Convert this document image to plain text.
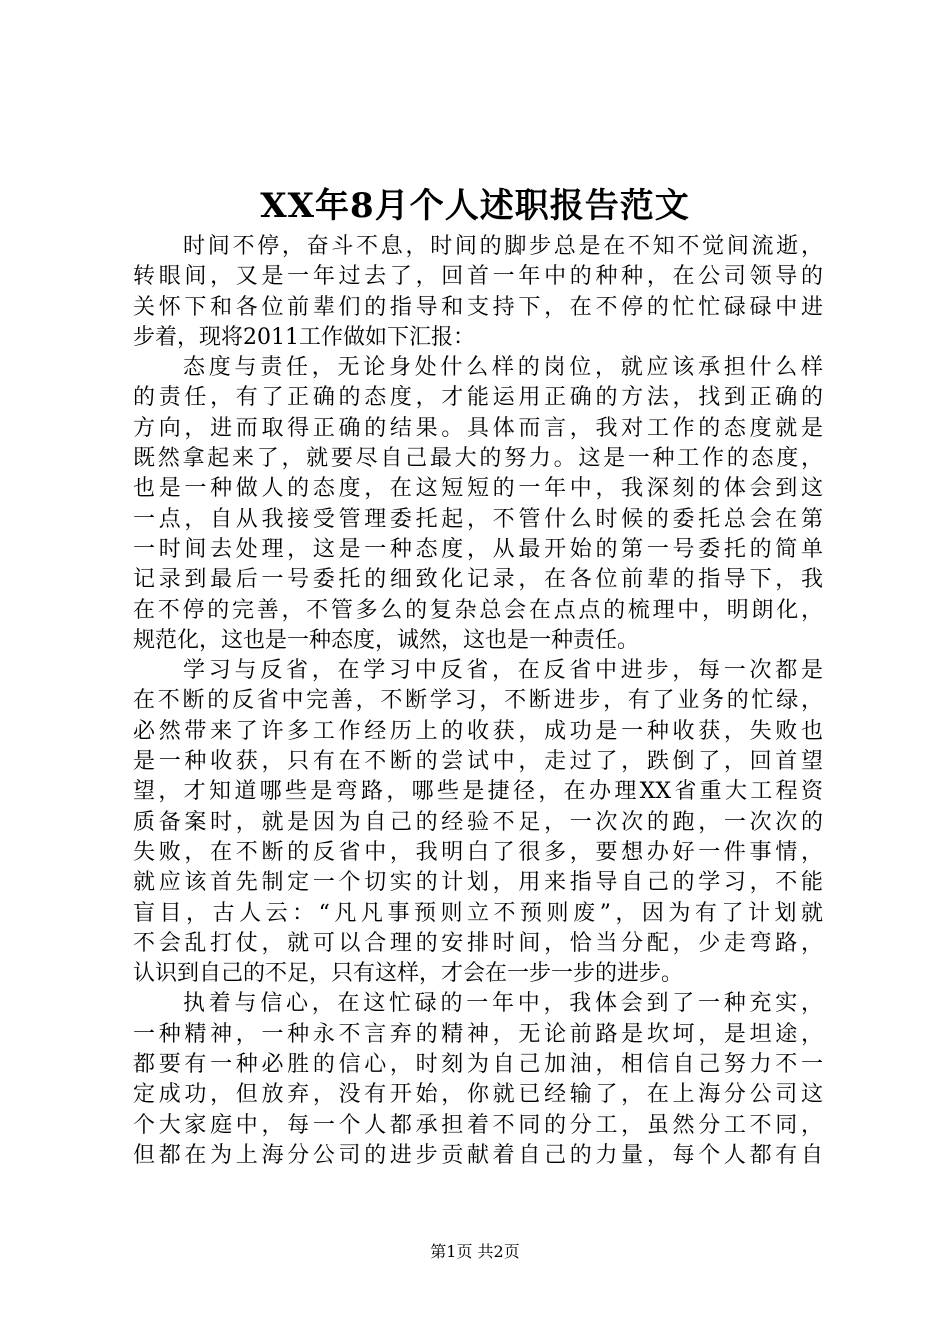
XX年8月个人述职报告范文
时间不停，奋斗不息，时间的脚步总是在不知不觉间流逝，
转眼间，又是一年过去了，回首一年中的种种，在公司领导的
关怀下和各位前辈们的指导和支持下，在不停的忙忙碌碌中进
步着，现将2011工作做如下汇报：
态度与责任，无论身处什么样的岗位，就应该承担什么样
的责任，有了正确的态度，才能运用正确的方法，找到正确的
方向，进而取得正确的结果。具体而言，我对工作的态度就是
既然拿起来了，就要尽自己最大的努力。这是一种工作的态度，
也是一种做人的态度，在这短短的一年中，我深刻的体会到这
一点，自从我接受管理委托起，不管什么时候的委托总会在第
一时间去处理，这是一种态度，从最开始的第一号委托的简单
记录到最后一号委托的细致化记录，在各位前辈的指导下，我
在不停的完善，不管多么的复杂总会在点点的梳理中，明朗化，
规范化，这也是一种态度，诚然，这也是一种责任。
学习与反省，在学习中反省，在反省中进步，每一次都是
在不断的反省中完善，不断学习，不断进步，有了业务的忙绿，
必然带来了许多工作经历上的收获，成功是一种收获，失败也
是一种收获，只有在不断的尝试中，走过了，跌倒了，回首望
望，才知道哪些是弯路，哪些是捷径，在办理XX省重大工程资
质备案时，就是因为自己的经验不足，一次次的跑，一次次的
失败，在不断的反省中，我明白了很多，要想办好一件事情，
就应该首先制定一个切实的计划，用来指导自己的学习，不能
盲目，古人云：“凡凡事预则立不预则废”，因为有了计划就
不会乱打仗，就可以合理的安排时间，恰当分配，少走弯路，
认识到自己的不足，只有这样，才会在一步一步的进步。
执着与信心，在这忙碌的一年中，我体会到了一种充实，
一种精神，一种永不言弃的精神，无论前路是坎坷，是坦途，
都要有一种必胜的信心，时刻为自己加油，相信自己努力不一
定成功，但放弃，没有开始，你就已经输了，在上海分公司这
个大家庭中，每一个人都承担着不同的分工，虽然分工不同，
但都在为上海分公司的进步贡献着自己的力量，每个人都有自
第1页 共2页
